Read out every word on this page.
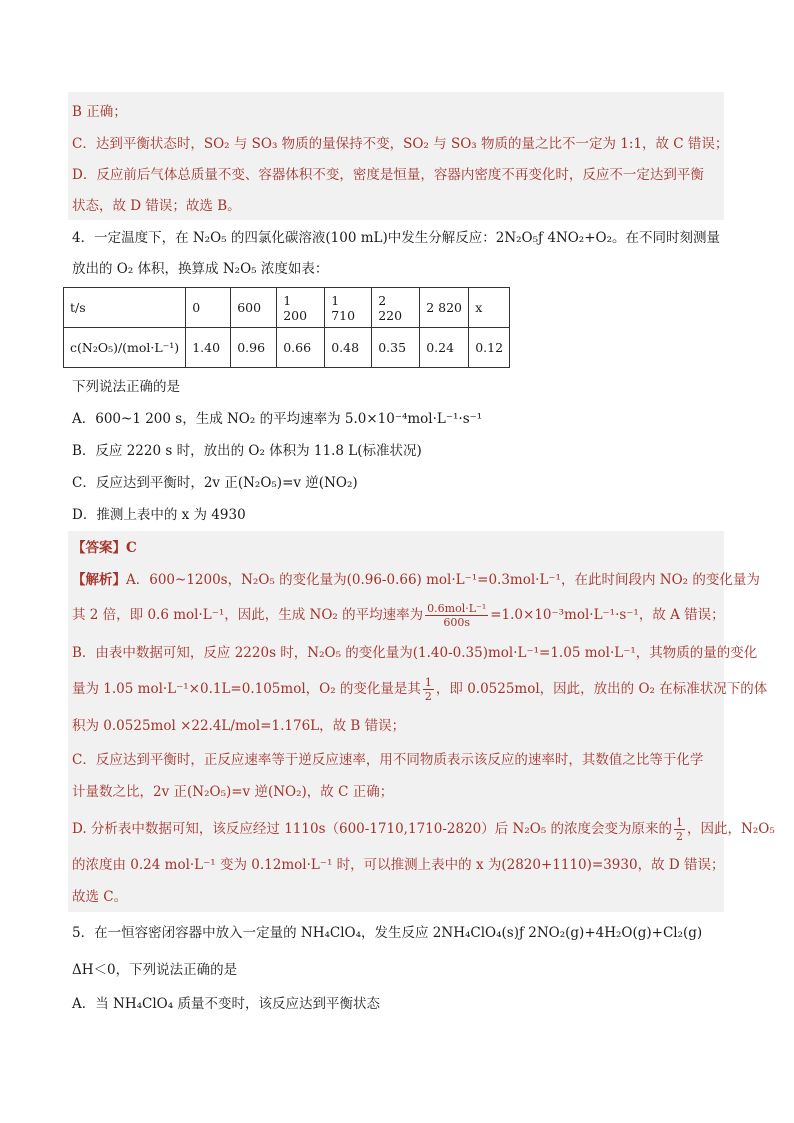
B 正确；
C．达到平衡状态时，SO₂ 与 SO₃ 物质的量保持不变，SO₂ 与 SO₃ 物质的量之比不一定为 1:1，故 C 错误；
D．反应前后气体总质量不变、容器体积不变，密度是恒量，容器内密度不再变化时，反应不一定达到平衡
状态，故 D 错误；故选 B。
4．一定温度下，在 N₂O₅ 的四氯化碳溶液(100 mL)中发生分解反应：2N₂O₅ƒ 4NO₂+O₂。在不同时刻测量
放出的 O₂ 体积，换算成 N₂O₅ 浓度如表：
t/s	0	600	1 200	1 710	2 220	2 820	x
c(N₂O₅)/(mol·L⁻¹)	1.40	0.96	0.66	0.48	0.35	0.24	0.12
下列说法正确的是
A．600~1 200 s，生成 NO₂ 的平均速率为 5.0×10⁻⁴mol·L⁻¹·s⁻¹
B．反应 2220 s 时，放出的 O₂ 体积为 11.8 L(标准状况)
C．反应达到平衡时，2v 正(N₂O₅)=v 逆(NO₂)
D．推测上表中的 x 为 4930
【答案】C
【解析】A．600~1200s，N₂O₅ 的变化量为(0.96-0.66) mol·L⁻¹=0.3mol·L⁻¹，在此时间段内 NO₂ 的变化量为
其 2 倍，即 0.6 mol·L⁻¹，因此，生成 NO₂ 的平均速率为 $\frac{\text{0.6mol·L⁻¹}}{600s} =1.0\times 10^{-3}mol\cdot L^{-1}\cdot s^{-1}$，故 A 错误；
B．由表中数据可知，反应 2220s 时，N₂O₅ 的变化量为(1.40-0.35)mol·L⁻¹=1.05 mol·L⁻¹，其物质的量的变化
量为 1.05 mol·L⁻¹×0.1L=0.105mol，O₂ 的变化量是其 $\frac{1}{2}$ ，即 0.0525mol，因此，放出的 O₂ 在标准状况下的体
积为 0.0525mol ×22.4L/mol=1.176L，故 B 错误；
C．反应达到平衡时，正反应速率等于逆反应速率，用不同物质表示该反应的速率时，其数值之比等于化学
计量数之比，2v 正(N₂O₅)=v 逆(NO₂)，故 C 正确；
D. 分析表中数据可知，该反应经过 1110s（600-1710,1710-2820）后 N₂O₅ 的浓度会变为原来的 $\frac{1}{2}$ ，因此，N₂O₅
的浓度由 0.24 mol·L⁻¹ 变为 0.12mol·L⁻¹ 时，可以推测上表中的 x 为(2820+1110)=3930，故 D 错误；
故选 C。
5．在一恒容密闭容器中放入一定量的 NH₄ClO₄，发生反应 2NH₄ClO₄(s)ƒ 2NO₂(g)+4H₂O(g)+Cl₂(g)
ΔH＜0，下列说法正确的是
A．当 NH₄ClO₄ 质量不变时，该反应达到平衡状态
